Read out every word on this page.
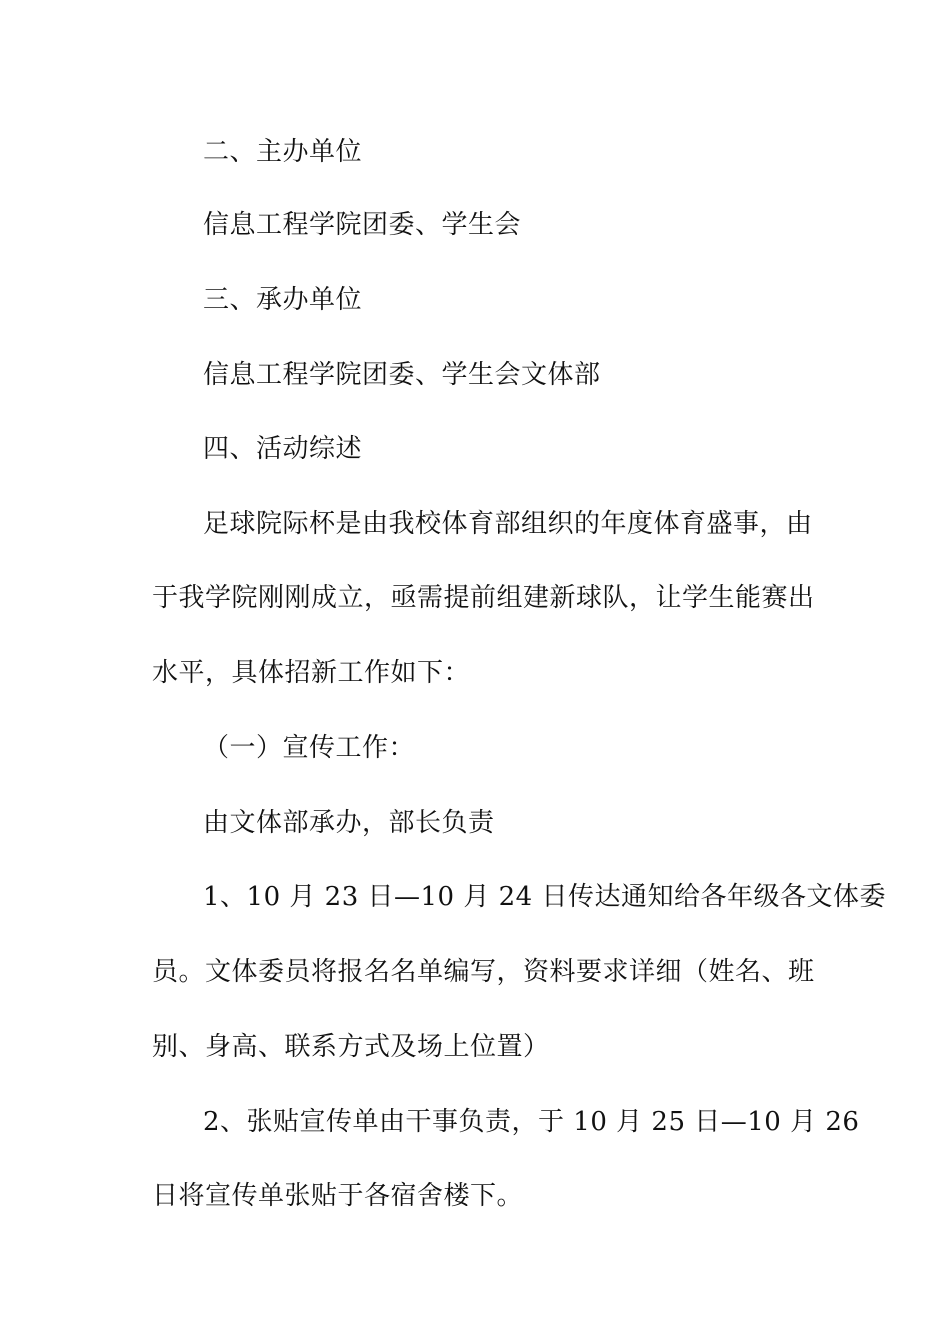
二、主办单位
信息工程学院团委、学生会
三、承办单位
信息工程学院团委、学生会文体部
四、活动综述
足球院际杯是由我校体育部组织的年度体育盛事，由
于我学院刚刚成立，亟需提前组建新球队，让学生能赛出
水平，具体招新工作如下：
（一）宣传工作：
由文体部承办，部长负责
1、10 月 23 日—10 月 24 日传达通知给各年级各文体委
员。文体委员将报名名单编写，资料要求详细（姓名、班
别、身高、联系方式及场上位置）
2、张贴宣传单由干事负责，于 10 月 25 日—10 月 26
日将宣传单张贴于各宿舍楼下。
